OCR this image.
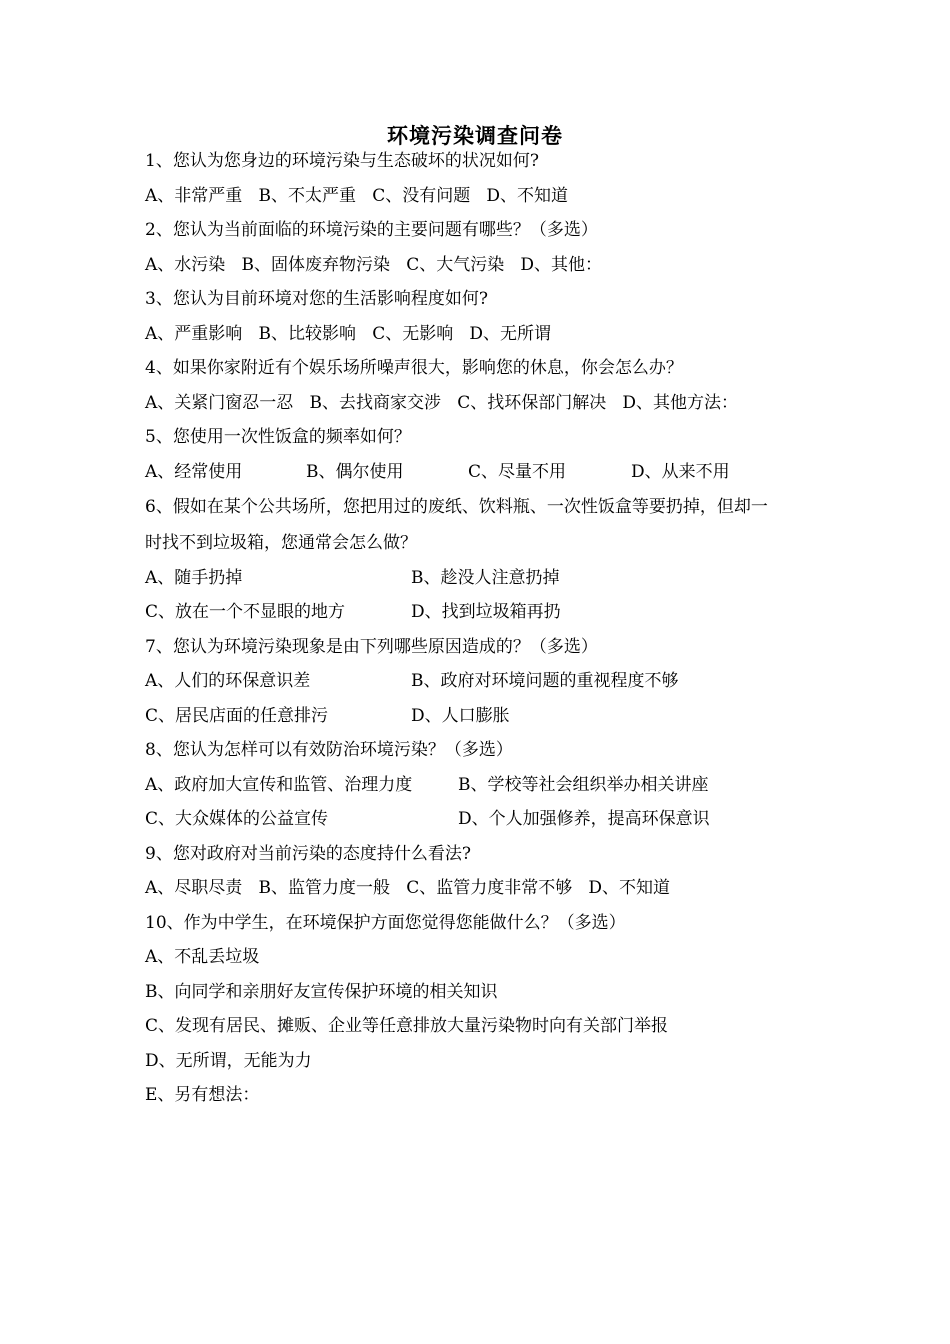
环境污染调查问卷
1、您认为您身边的环境污染与生态破坏的状况如何?
A、非常严重   B、不太严重   C、没有问题   D、不知道
2、您认为当前面临的环境污染的主要问题有哪些？（多选）
A、水污染   B、固体废弃物污染   C、大气污染   D、其他：
3、您认为目前环境对您的生活影响程度如何?
A、严重影响   B、比较影响   C、无影响   D、无所谓
4、如果你家附近有个娱乐场所噪声很大，影响您的休息，你会怎么办？
A、关紧门窗忍一忍   B、去找商家交涉   C、找环保部门解决   D、其他方法：
5、您使用一次性饭盒的频率如何？
A、经常使用	B、偶尔使用	C、尽量不用	D、从来不用
6、假如在某个公共场所，您把用过的废纸、饮料瓶、一次性饭盒等要扔掉，但却一
时找不到垃圾箱，您通常会怎么做？
A、随手扔掉	B、趁没人注意扔掉
C、放在一个不显眼的地方	D、找到垃圾箱再扔
7、您认为环境污染现象是由下列哪些原因造成的？（多选）
A、人们的环保意识差	B、政府对环境问题的重视程度不够
C、居民店面的任意排污	D、人口膨胀
8、您认为怎样可以有效防治环境污染？（多选）
A、政府加大宣传和监管、治理力度	B、学校等社会组织举办相关讲座
C、大众媒体的公益宣传	D、个人加强修养，提高环保意识
9、您对政府对当前污染的态度持什么看法?
A、尽职尽责   B、监管力度一般   C、监管力度非常不够   D、不知道
10、作为中学生，在环境保护方面您觉得您能做什么？（多选）
A、不乱丢垃圾
B、向同学和亲朋好友宣传保护环境的相关知识
C、发现有居民、摊贩、企业等任意排放大量污染物时向有关部门举报
D、无所谓，无能为力
E、另有想法：
